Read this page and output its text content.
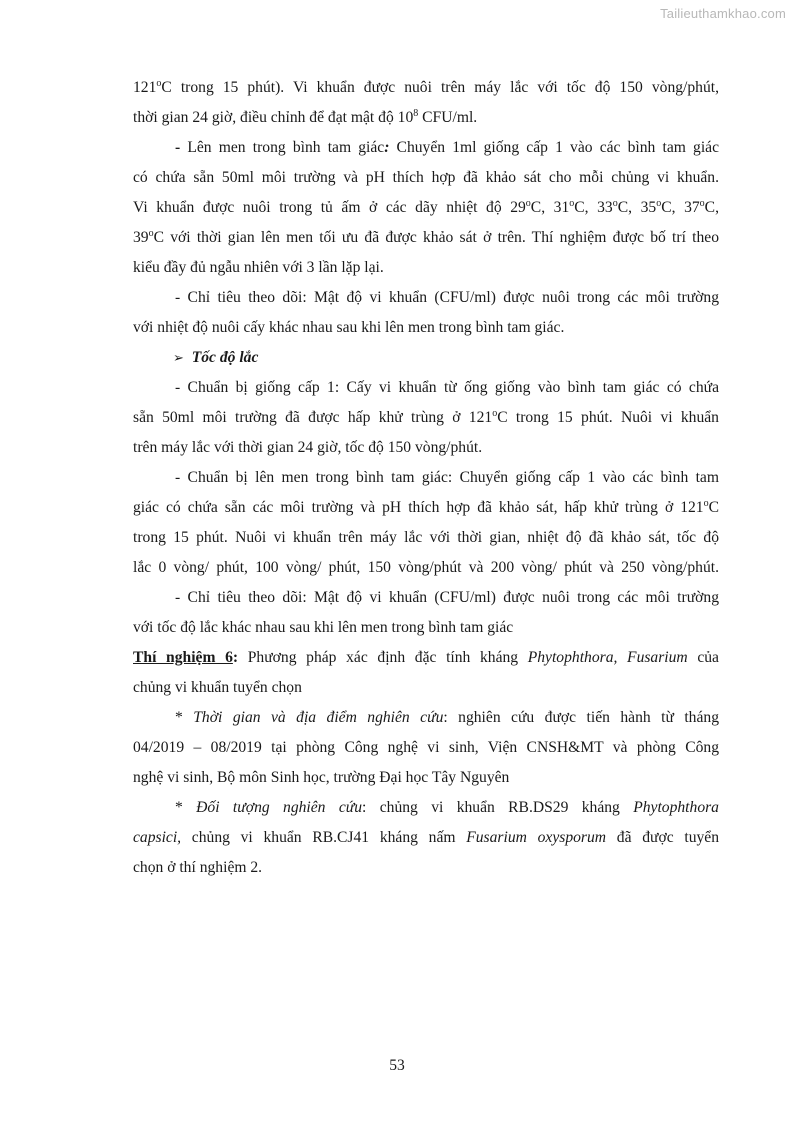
Tailieuthamkhao.com
121$^o$C trong 15 phút). Vi khuẩn được nuôi trên máy lắc với tốc độ 150 vòng/phút,
thời gian 24 giờ, điều chỉnh để đạt mật độ $10^8$ CFU/ml.
- Lên men trong bình tam giác: Chuyển 1ml giống cấp 1 vào các bình tam giác
có chứa sẵn 50ml môi trường và pH thích hợp đã khảo sát cho mỗi chủng vi khuẩn.
Vi khuẩn được nuôi trong tủ ấm ở các dãy nhiệt độ 29$^o$C, 31$^o$C, 33$^o$C, 35$^o$C, 37$^o$C,
39$^o$C với thời gian lên men tối ưu đã được khảo sát ở trên. Thí nghiệm được bố trí theo
kiểu đầy đủ ngẫu nhiên với 3 lần lặp lại.
- Chỉ tiêu theo dõi: Mật độ vi khuẩn (CFU/ml) được nuôi trong các môi trường
với nhiệt độ nuôi cấy khác nhau sau khi lên men trong bình tam giác.
➢ Tốc độ lắc
- Chuẩn bị giống cấp 1: Cấy vi khuẩn từ ống giống vào bình tam giác có chứa
sẵn 50ml môi trường đã được hấp khử trùng ở 121$^o$C trong 15 phút. Nuôi vi khuẩn
trên máy lắc với thời gian 24 giờ, tốc độ 150 vòng/phút.
- Chuẩn bị lên men trong bình tam giác: Chuyển giống cấp 1 vào các bình tam
giác có chứa sẵn các môi trường và pH thích hợp đã khảo sát, hấp khử trùng ở 121$^o$C
trong 15 phút. Nuôi vi khuẩn trên máy lắc với thời gian, nhiệt độ đã khảo sát, tốc độ
lắc 0 vòng/ phút, 100 vòng/ phút, 150 vòng/phút và 200 vòng/ phút và 250 vòng/phút.
- Chỉ tiêu theo dõi: Mật độ vi khuẩn (CFU/ml) được nuôi trong các môi trường
với tốc độ lắc khác nhau sau khi lên men trong bình tam giác
Thí nghiệm 6: Phương pháp xác định đặc tính kháng Phytophthora, Fusarium của
chủng vi khuẩn tuyển chọn
* Thời gian và địa điểm nghiên cứu: nghiên cứu được tiến hành từ tháng
04/2019 – 08/2019 tại phòng Công nghệ vi sinh, Viện CNSH&MT và phòng Công
nghệ vi sinh, Bộ môn Sinh học, trường Đại học Tây Nguyên
* Đối tượng nghiên cứu: chủng vi khuẩn RB.DS29 kháng Phytophthora
capsici, chủng vi khuẩn RB.CJ41 kháng nấm Fusarium oxysporum đã được tuyển
chọn ở thí nghiệm 2.
53
